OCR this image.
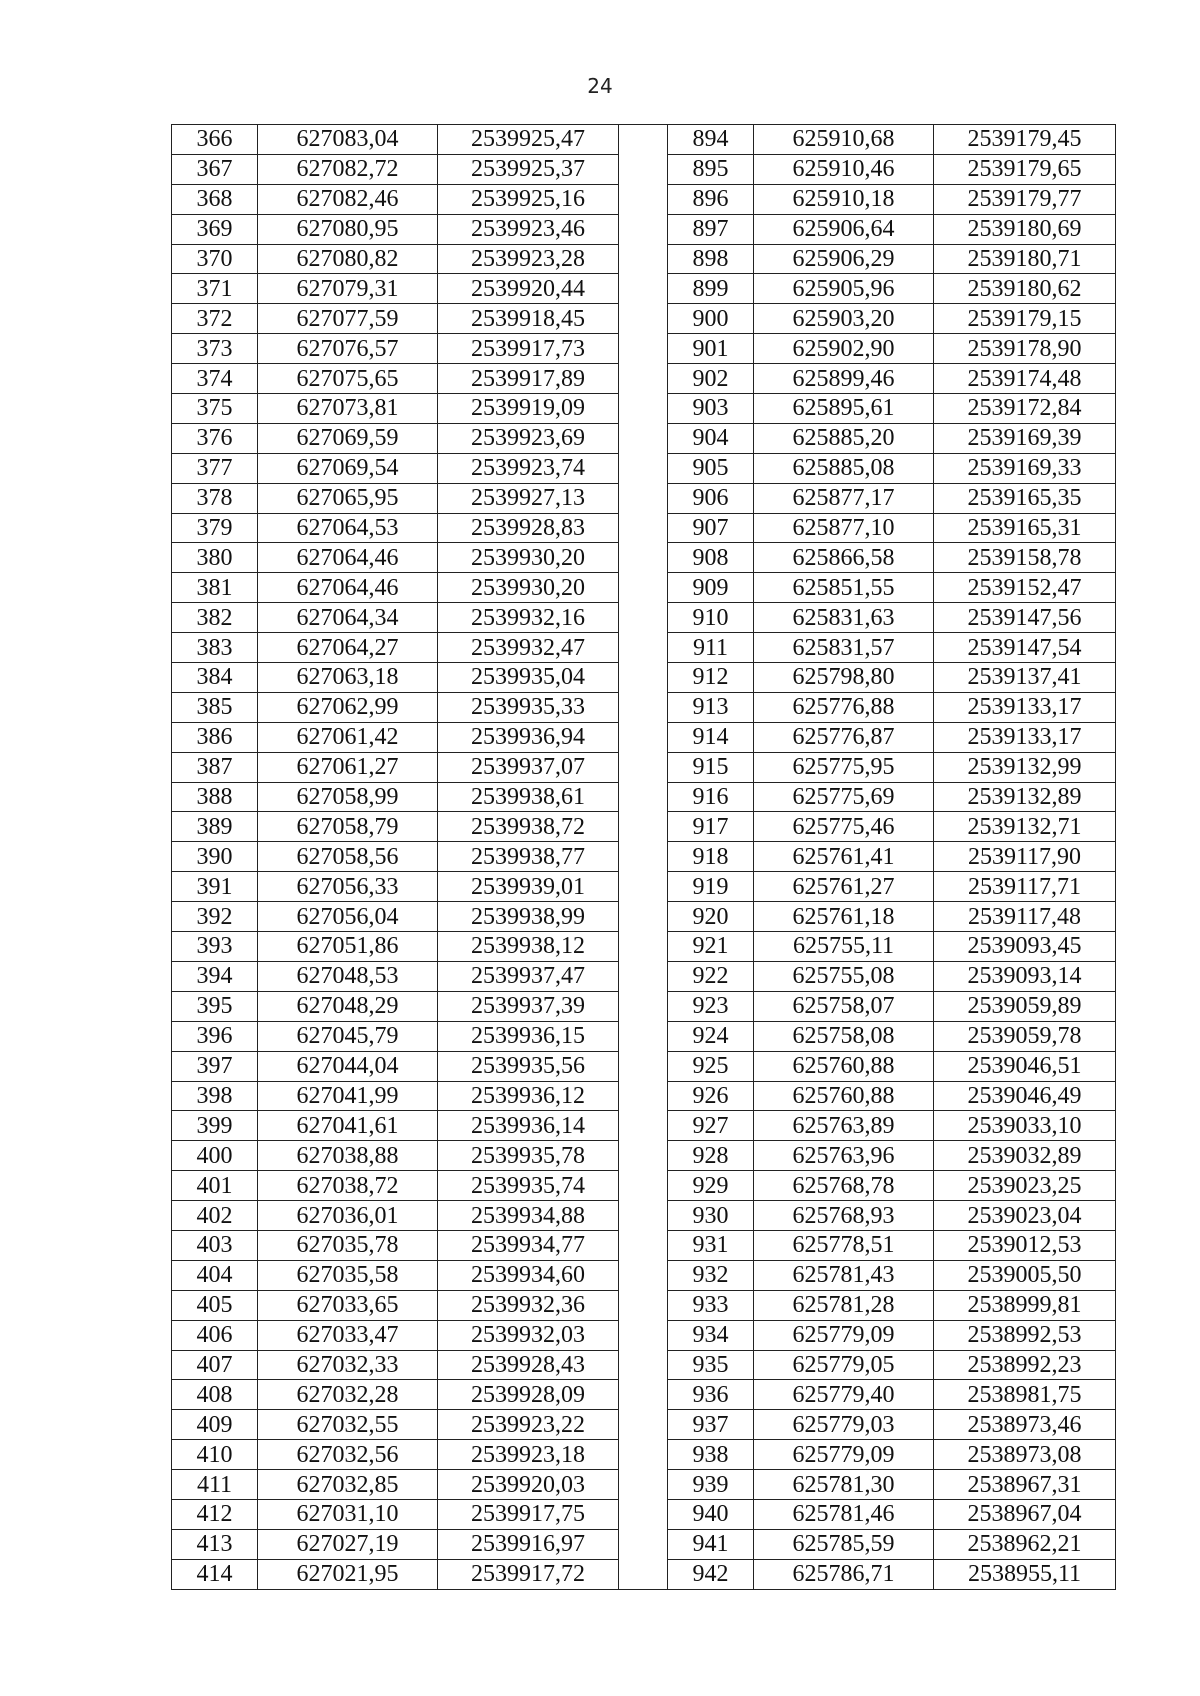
24
366	627083,04	2539925,47		894	625910,68	2539179,45
367	627082,72	2539925,37		895	625910,46	2539179,65
368	627082,46	2539925,16		896	625910,18	2539179,77
369	627080,95	2539923,46		897	625906,64	2539180,69
370	627080,82	2539923,28		898	625906,29	2539180,71
371	627079,31	2539920,44		899	625905,96	2539180,62
372	627077,59	2539918,45		900	625903,20	2539179,15
373	627076,57	2539917,73		901	625902,90	2539178,90
374	627075,65	2539917,89		902	625899,46	2539174,48
375	627073,81	2539919,09		903	625895,61	2539172,84
376	627069,59	2539923,69		904	625885,20	2539169,39
377	627069,54	2539923,74		905	625885,08	2539169,33
378	627065,95	2539927,13		906	625877,17	2539165,35
379	627064,53	2539928,83		907	625877,10	2539165,31
380	627064,46	2539930,20		908	625866,58	2539158,78
381	627064,46	2539930,20		909	625851,55	2539152,47
382	627064,34	2539932,16		910	625831,63	2539147,56
383	627064,27	2539932,47		911	625831,57	2539147,54
384	627063,18	2539935,04		912	625798,80	2539137,41
385	627062,99	2539935,33		913	625776,88	2539133,17
386	627061,42	2539936,94		914	625776,87	2539133,17
387	627061,27	2539937,07		915	625775,95	2539132,99
388	627058,99	2539938,61		916	625775,69	2539132,89
389	627058,79	2539938,72		917	625775,46	2539132,71
390	627058,56	2539938,77		918	625761,41	2539117,90
391	627056,33	2539939,01		919	625761,27	2539117,71
392	627056,04	2539938,99		920	625761,18	2539117,48
393	627051,86	2539938,12		921	625755,11	2539093,45
394	627048,53	2539937,47		922	625755,08	2539093,14
395	627048,29	2539937,39		923	625758,07	2539059,89
396	627045,79	2539936,15		924	625758,08	2539059,78
397	627044,04	2539935,56		925	625760,88	2539046,51
398	627041,99	2539936,12		926	625760,88	2539046,49
399	627041,61	2539936,14		927	625763,89	2539033,10
400	627038,88	2539935,78		928	625763,96	2539032,89
401	627038,72	2539935,74		929	625768,78	2539023,25
402	627036,01	2539934,88		930	625768,93	2539023,04
403	627035,78	2539934,77		931	625778,51	2539012,53
404	627035,58	2539934,60		932	625781,43	2539005,50
405	627033,65	2539932,36		933	625781,28	2538999,81
406	627033,47	2539932,03		934	625779,09	2538992,53
407	627032,33	2539928,43		935	625779,05	2538992,23
408	627032,28	2539928,09		936	625779,40	2538981,75
409	627032,55	2539923,22		937	625779,03	2538973,46
410	627032,56	2539923,18		938	625779,09	2538973,08
411	627032,85	2539920,03		939	625781,30	2538967,31
412	627031,10	2539917,75		940	625781,46	2538967,04
413	627027,19	2539916,97		941	625785,59	2538962,21
414	627021,95	2539917,72		942	625786,71	2538955,11
